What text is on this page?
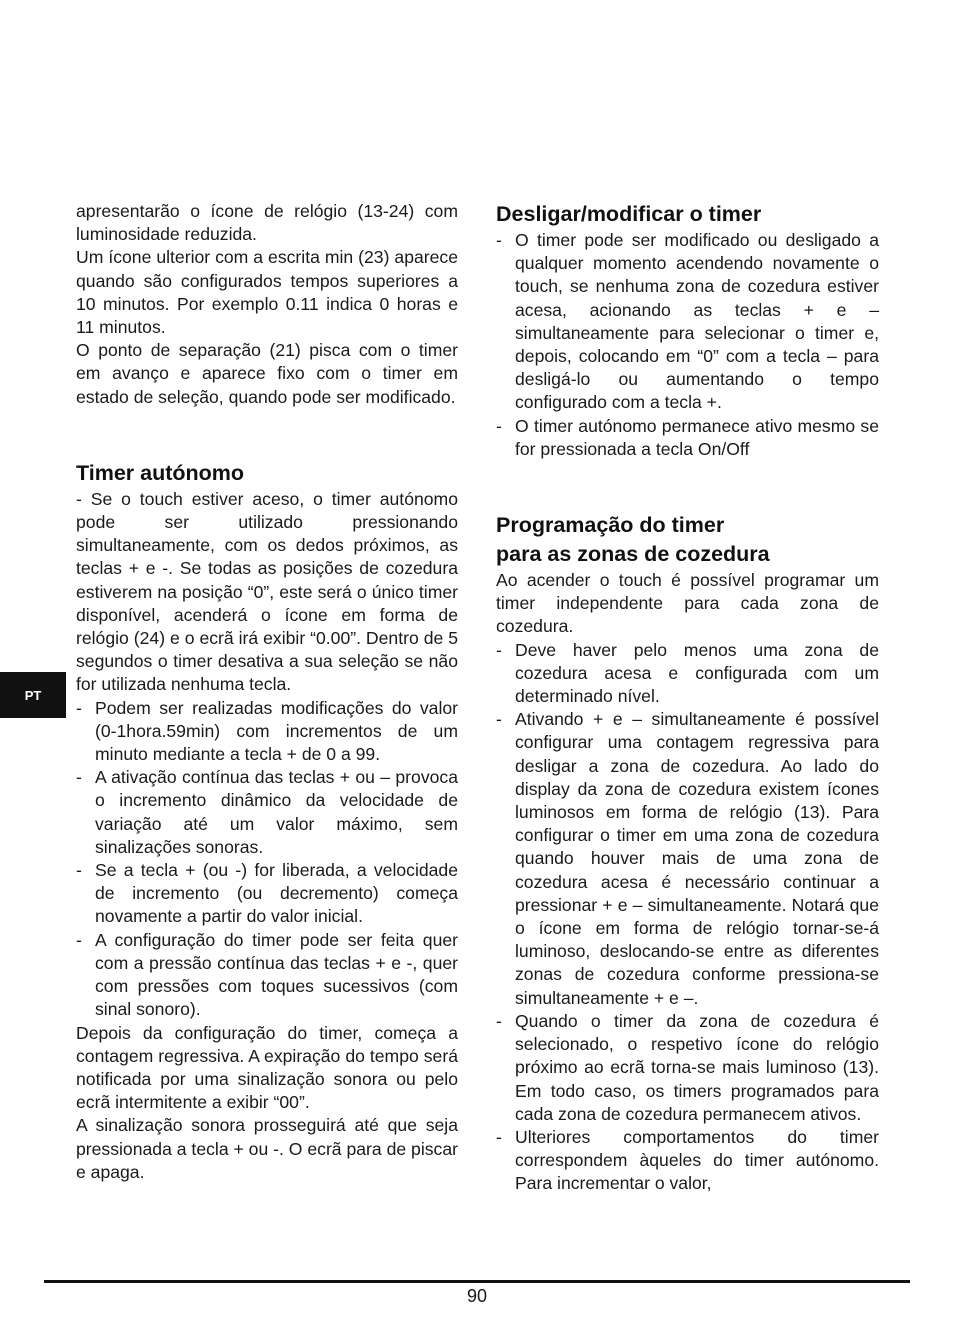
PT

apresentarão o ícone de relógio (13-24) com luminosidade reduzida.

Um ícone ulterior com a escrita min (23) aparece quando são configurados tempos superiores a 10 minutos. Por exemplo 0.11 indica 0 horas e 11 minutos.

O ponto de separação (21) pisca com o timer em avanço e aparece fixo com o timer em estado de seleção, quando pode ser modificado.

Timer autónomo

- Se o touch estiver aceso, o timer autónomo pode ser utilizado pressionando simultaneamente, com os dedos próximos, as teclas + e -. Se todas as posições de cozedura estiverem na posição “0”, este será o único timer disponível, acenderá o ícone em forma de relógio (24) e o ecrã irá exibir “0.00”. Dentro de 5 segundos o timer desativa a sua seleção se não for utilizada nenhuma tecla.

- Podem ser realizadas modificações do valor (0-1hora.59min) com incrementos de um minuto mediante a tecla + de 0 a 99.
- A ativação contínua das teclas + ou – provoca o incremento dinâmico da velocidade de variação até um valor máximo, sem sinalizações sonoras.
- Se a tecla + (ou -) for liberada, a velocidade de incremento (ou decremento) começa novamente a partir do valor inicial.
- A configuração do timer pode ser feita quer com a pressão contínua das teclas + e -, quer com pressões com toques sucessivos (com sinal sonoro).

Depois da configuração do timer, começa a contagem regressiva. A expiração do tempo será notificada por uma sinalização sonora ou pelo ecrã intermitente a exibir “00”.

A sinalização sonora prosseguirá até que seja pressionada a tecla + ou -. O ecrã para de piscar e apaga.

Desligar/modificar o timer
- O timer pode ser modificado ou desligado a qualquer momento acendendo novamente o touch, se nenhuma zona de cozedura estiver acesa, acionando as teclas + e – simultaneamente para selecionar o timer e, depois, colocando em “0” com a tecla – para desligá-lo ou aumentando o tempo configurado com a tecla +.
- O timer autónomo permanece ativo mesmo se for pressionada a tecla On/Off
Programação do timer
para as zonas de cozedura

Ao acender o touch é possível programar um timer independente para cada zona de cozedura.

- Deve haver pelo menos uma zona de cozedura acesa e configurada com um determinado nível.
- Ativando + e – simultaneamente é possível configurar uma contagem regressiva para desligar a zona de cozedura. Ao lado do display da zona de cozedura existem ícones luminosos em forma de relógio (13). Para configurar o timer em uma zona de cozedura quando houver mais de uma zona de cozedura acesa é necessário continuar a pressionar + e – simultaneamente. Notará que o ícone em forma de relógio tornar-se-á luminoso, deslocando-se entre as diferentes zonas de cozedura conforme pressiona-se simultaneamente + e –.
- Quando o timer da zona de cozedura é selecionado, o respetivo ícone do relógio próximo ao ecrã torna-se mais luminoso (13). Em todo caso, os timers programados para cada zona de cozedura permanecem ativos.
- Ulteriores comportamentos do timer correspondem àqueles do timer autónomo. Para incrementar o valor,
90
